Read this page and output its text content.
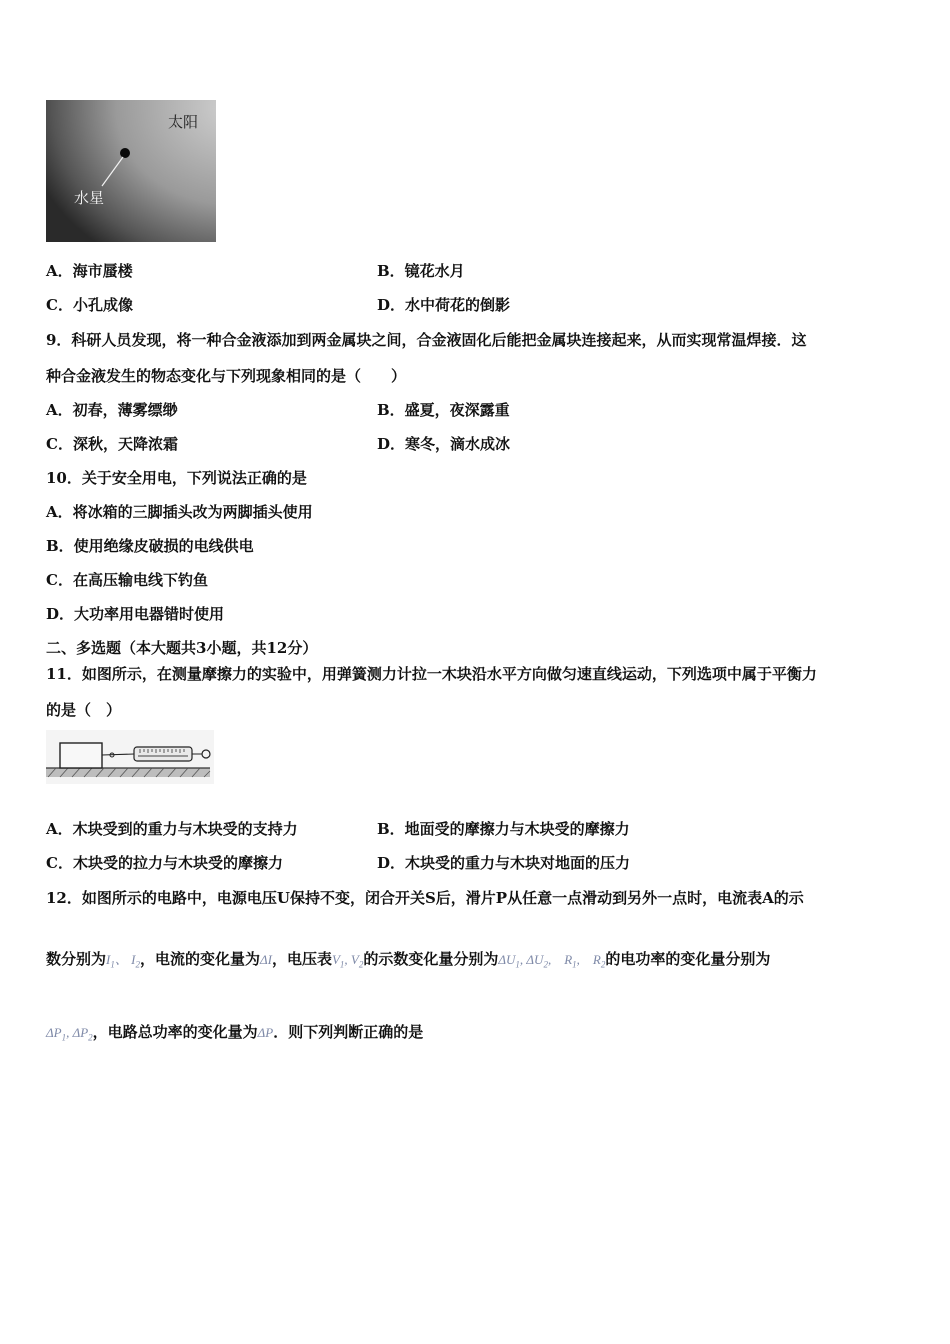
太阳
水星
A．海市蜃楼	B．镜花水月
C．小孔成像	D．水中荷花的倒影
9．科研人员发现，将一种合金液添加到两金属块之间，合金液固化后能把金属块连接起来，从而实现常温焊接．这
种合金液发生的物态变化与下列现象相同的是（　　）
A．初春，薄雾缥缈	B．盛夏，夜深露重
C．深秋，天降浓霜	D．寒冬，滴水成冰
10．关于安全用电，下列说法正确的是
A．将冰箱的三脚插头改为两脚插头使用
B．使用绝缘皮破损的电线供电
C．在高压输电线下钓鱼
D．大功率用电器错时使用
二、多选题（本大题共3小题，共12分）
11．如图所示，在测量摩擦力的实验中，用弹簧测力计拉一木块沿水平方向做匀速直线运动，下列选项中属于平衡力
的是（　）
A．木块受到的重力与木块受的支持力	B．地面受的摩擦力与木块受的摩擦力
C．木块受的拉力与木块受的摩擦力	D．木块受的重力与木块对地面的压力
12．如图所示的电路中，电源电压U保持不变，闭合开关S后，滑片P从任意一点滑动到另外一点时，电流表A的示
数分别为$I_1$、 $I_2$，电流的变化量为ΔI，电压表$V_1$, $V_2$的示数变化量分别为$\Delta U_1$, $\Delta U_2$,　$R_1$,　$R_2$的电功率的变化量分别为
$\Delta P_1$, $\Delta P_2$，电路总功率的变化量为ΔP．则下列判断正确的是
